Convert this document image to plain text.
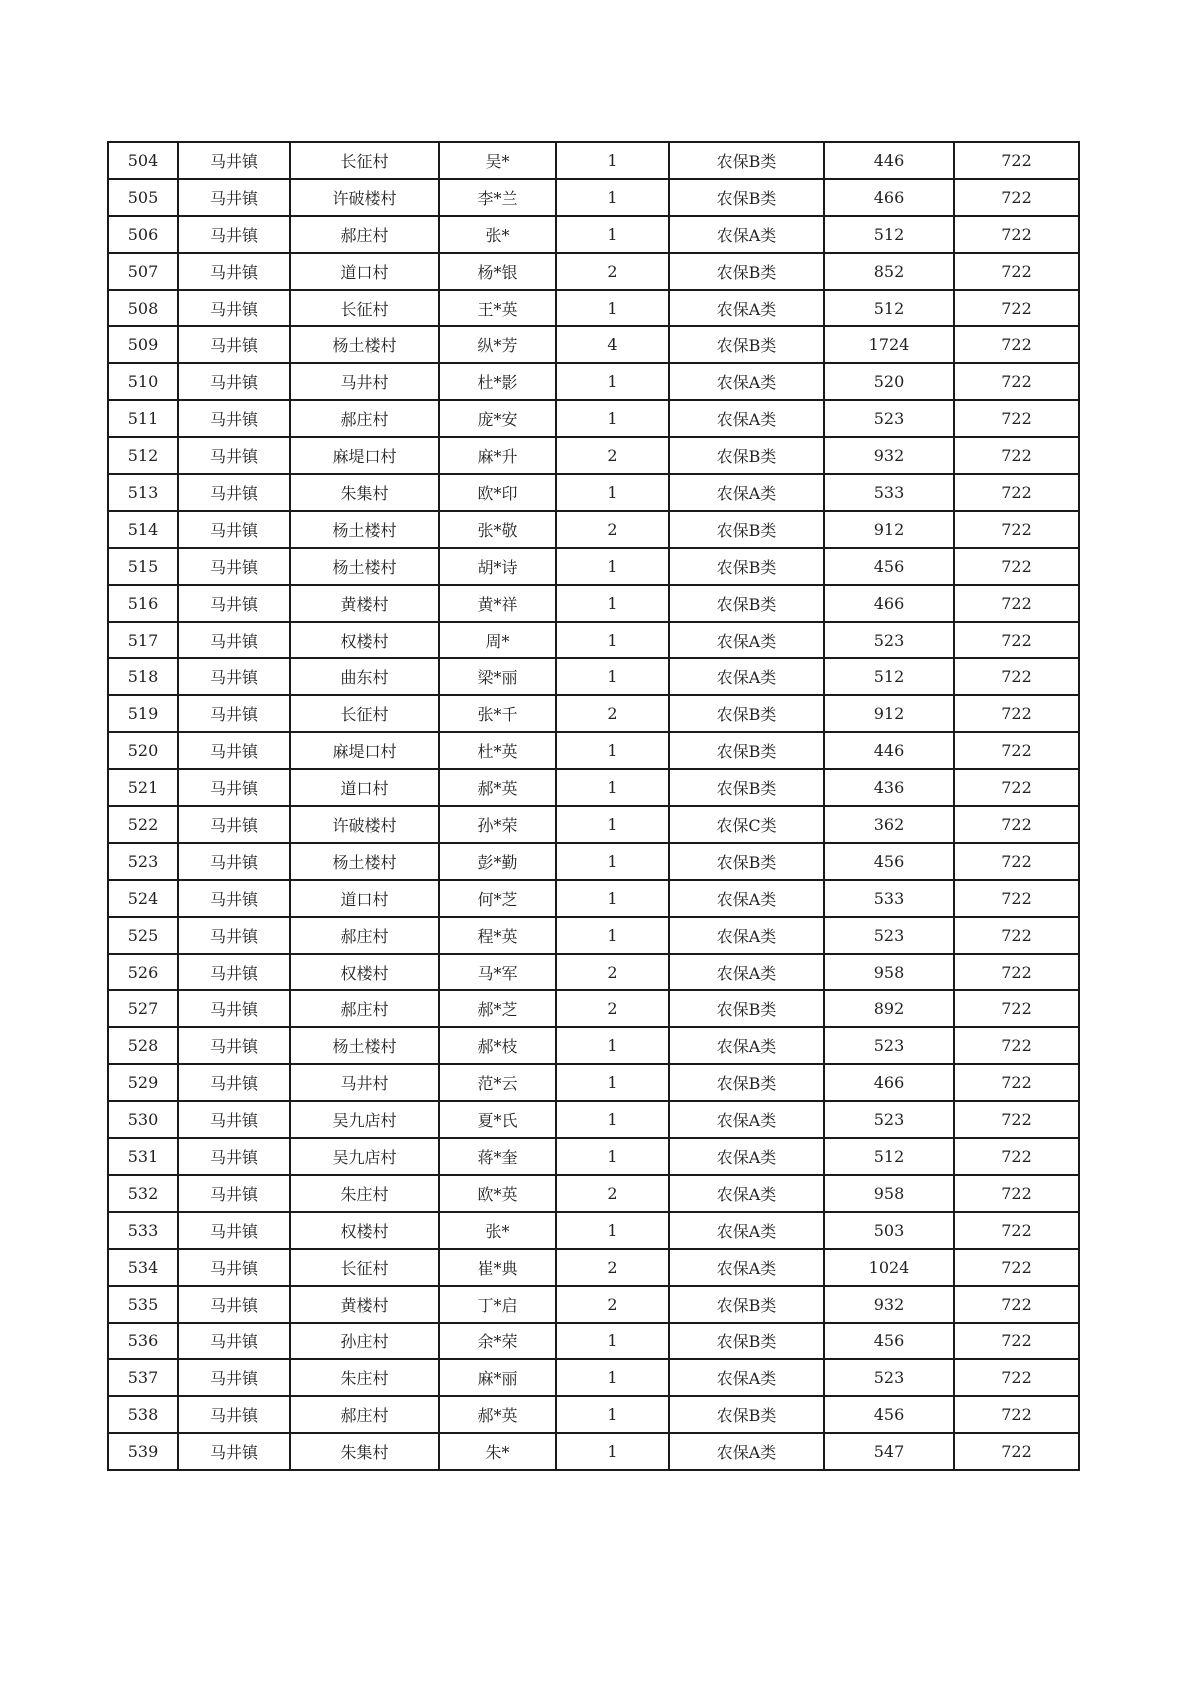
504	马井镇	长征村	吴*	1	农保B类	446	722
505	马井镇	许破楼村	李*兰	1	农保B类	466	722
506	马井镇	郝庄村	张*	1	农保A类	512	722
507	马井镇	道口村	杨*银	2	农保B类	852	722
508	马井镇	长征村	王*英	1	农保A类	512	722
509	马井镇	杨土楼村	纵*芳	4	农保B类	1724	722
510	马井镇	马井村	杜*影	1	农保A类	520	722
511	马井镇	郝庄村	庞*安	1	农保A类	523	722
512	马井镇	麻堤口村	麻*升	2	农保B类	932	722
513	马井镇	朱集村	欧*印	1	农保A类	533	722
514	马井镇	杨土楼村	张*敬	2	农保B类	912	722
515	马井镇	杨土楼村	胡*诗	1	农保B类	456	722
516	马井镇	黄楼村	黄*祥	1	农保B类	466	722
517	马井镇	权楼村	周*	1	农保A类	523	722
518	马井镇	曲东村	梁*丽	1	农保A类	512	722
519	马井镇	长征村	张*千	2	农保B类	912	722
520	马井镇	麻堤口村	杜*英	1	农保B类	446	722
521	马井镇	道口村	郝*英	1	农保B类	436	722
522	马井镇	许破楼村	孙*荣	1	农保C类	362	722
523	马井镇	杨土楼村	彭*勤	1	农保B类	456	722
524	马井镇	道口村	何*芝	1	农保A类	533	722
525	马井镇	郝庄村	程*英	1	农保A类	523	722
526	马井镇	权楼村	马*军	2	农保A类	958	722
527	马井镇	郝庄村	郝*芝	2	农保B类	892	722
528	马井镇	杨土楼村	郝*枝	1	农保A类	523	722
529	马井镇	马井村	范*云	1	农保B类	466	722
530	马井镇	吴九店村	夏*氏	1	农保A类	523	722
531	马井镇	吴九店村	蒋*奎	1	农保A类	512	722
532	马井镇	朱庄村	欧*英	2	农保A类	958	722
533	马井镇	权楼村	张*	1	农保A类	503	722
534	马井镇	长征村	崔*典	2	农保A类	1024	722
535	马井镇	黄楼村	丁*启	2	农保B类	932	722
536	马井镇	孙庄村	余*荣	1	农保B类	456	722
537	马井镇	朱庄村	麻*丽	1	农保A类	523	722
538	马井镇	郝庄村	郝*英	1	农保B类	456	722
539	马井镇	朱集村	朱*	1	农保A类	547	722
